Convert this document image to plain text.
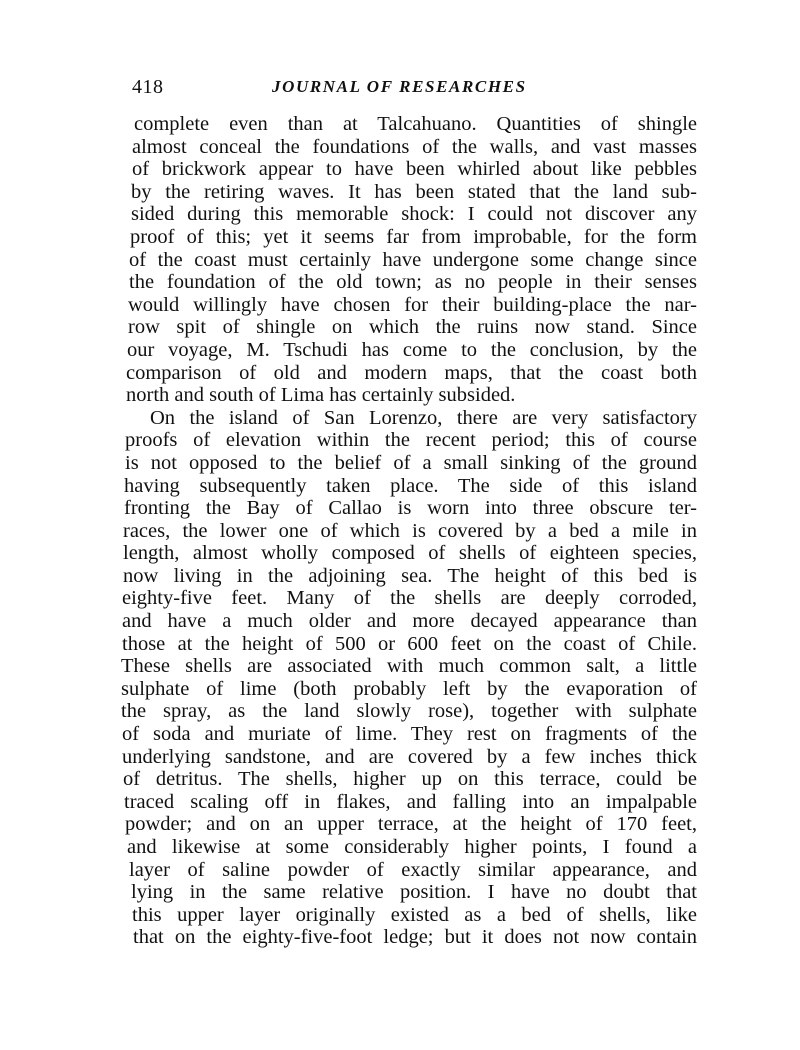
418	JOURNAL OF RESEARCHES
complete even than at Talcahuano. Quantities of shingle
almost conceal the foundations of the walls, and vast masses
of brickwork appear to have been whirled about like pebbles
by the retiring waves. It has been stated that the land sub-
sided during this memorable shock: I could not discover any
proof of this; yet it seems far from improbable, for the form
of the coast must certainly have undergone some change since
the foundation of the old town; as no people in their senses
would willingly have chosen for their building-place the nar-
row spit of shingle on which the ruins now stand. Since
our voyage, M. Tschudi has come to the conclusion, by the
comparison of old and modern maps, that the coast both
north and south of Lima has certainly subsided.
On the island of San Lorenzo, there are very satisfactory
proofs of elevation within the recent period; this of course
is not opposed to the belief of a small sinking of the ground
having subsequently taken place. The side of this island
fronting the Bay of Callao is worn into three obscure ter-
races, the lower one of which is covered by a bed a mile in
length, almost wholly composed of shells of eighteen species,
now living in the adjoining sea. The height of this bed is
eighty-five feet. Many of the shells are deeply corroded,
and have a much older and more decayed appearance than
those at the height of 500 or 600 feet on the coast of Chile.
These shells are associated with much common salt, a little
sulphate of lime (both probably left by the evaporation of
the spray, as the land slowly rose), together with sulphate
of soda and muriate of lime. They rest on fragments of the
underlying sandstone, and are covered by a few inches thick
of detritus. The shells, higher up on this terrace, could be
traced scaling off in flakes, and falling into an impalpable
powder; and on an upper terrace, at the height of 170 feet,
and likewise at some considerably higher points, I found a
layer of saline powder of exactly similar appearance, and
lying in the same relative position. I have no doubt that
this upper layer originally existed as a bed of shells, like
that on the eighty-five-foot ledge; but it does not now contain
